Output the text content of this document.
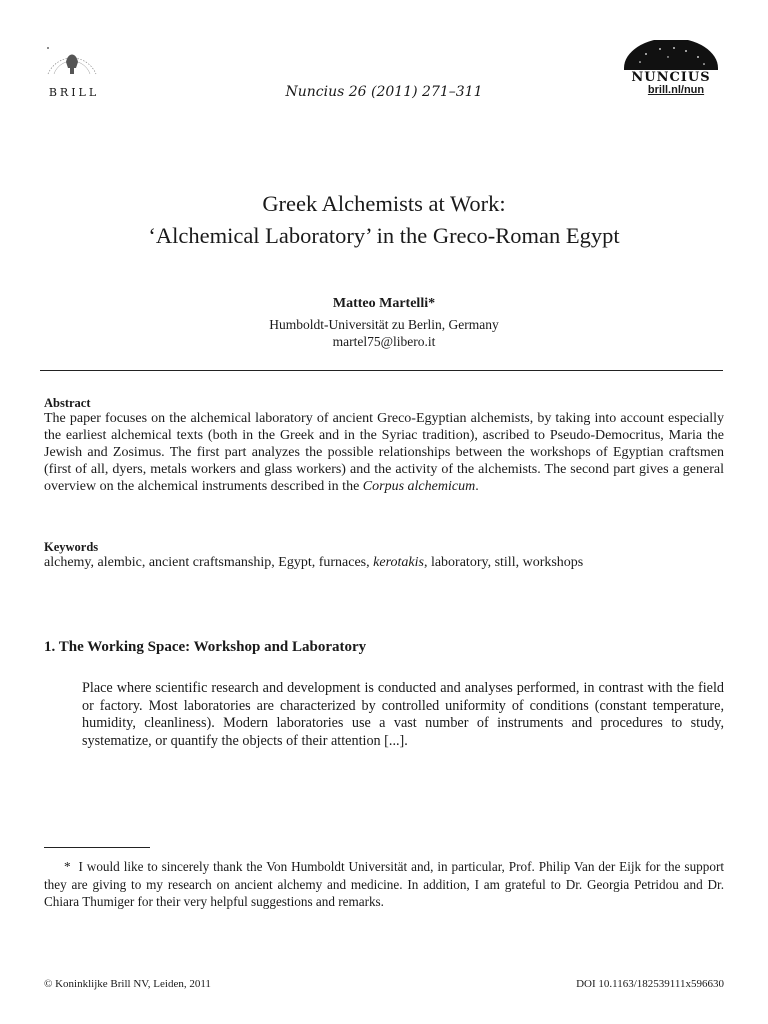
BRILL	Nuncius 26 (2011) 271–311
NUNCIUS
brill.nl/nun
Greek Alchemists at Work:
‘Alchemical Laboratory’ in the Greco-Roman Egypt
Matteo Martelli*
Humboldt-Universität zu Berlin, Germany
martel75@libero.it
Abstract
The paper focuses on the alchemical laboratory of ancient Greco-Egyptian alchemists, by taking into account especially the earliest alchemical texts (both in the Greek and in the Syriac tradition), ascribed to Pseudo-Democritus, Maria the Jewish and Zosimus. The first part analyzes the possible relationships between the workshops of Egyptian craftsmen (first of all, dyers, metals workers and glass workers) and the activity of the alchemists. The second part gives a general overview on the alchemical instruments described in the Corpus alchemicum.
Keywords
alchemy, alembic, ancient craftsmanship, Egypt, furnaces, kerotakis, laboratory, still, workshops
1. The Working Space: Workshop and Laboratory
Place where scientific research and development is conducted and analyses performed, in contrast with the field or factory. Most laboratories are characterized by controlled uniformity of conditions (constant temperature, humidity, cleanliness). Modern laboratories use a vast number of instruments and procedures to study, systematize, or quantify the objects of their attention [...].
* I would like to sincerely thank the Von Humboldt Universität and, in particular, Prof. Philip Van der Eijk for the support they are giving to my research on ancient alchemy and medicine. In addition, I am grateful to Dr. Georgia Petridou and Dr. Chiara Thumiger for their very helpful suggestions and remarks.
© Koninklijke Brill NV, Leiden, 2011	DOI 10.1163/182539111x596630
